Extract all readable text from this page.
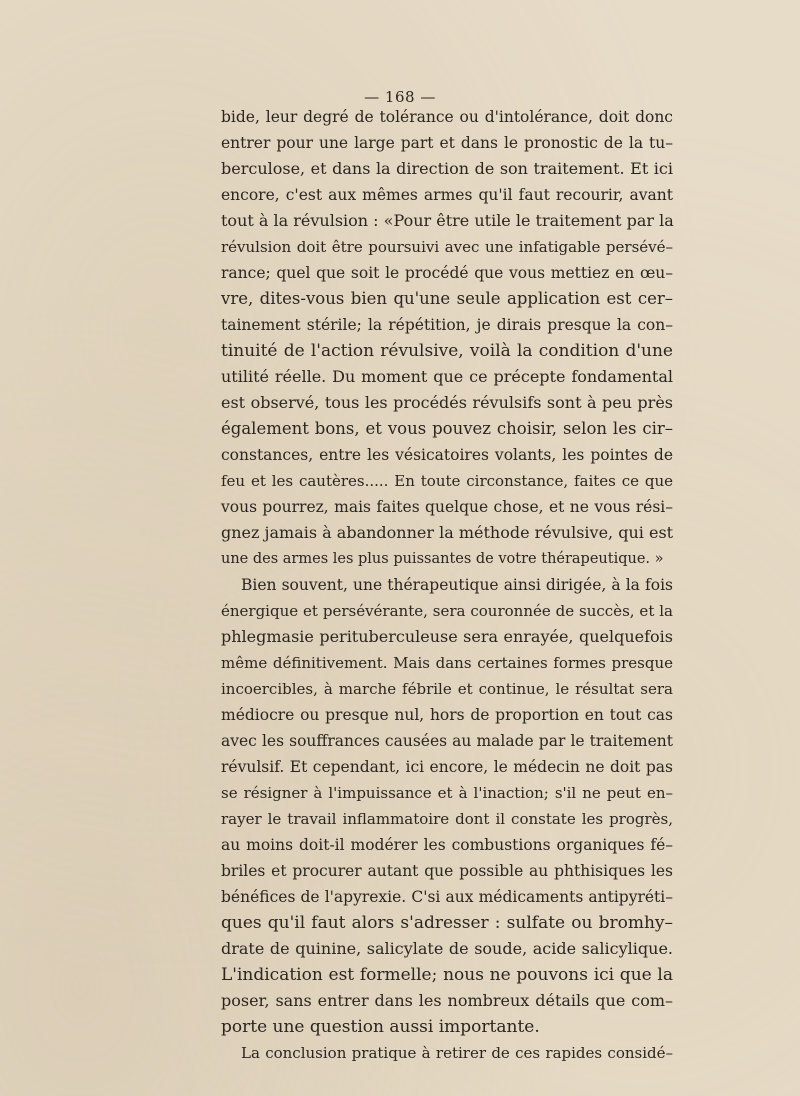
— 168 —
bide, leur degré de tolérance ou d'intolérance, doit donc
entrer pour une large part et dans le pronostic de la tu–
berculose, et dans la direction de son traitement. Et ici
encore, c'est aux mêmes armes qu'il faut recourir, avant
tout à la révulsion : «Pour être utile le traitement par la
révulsion doit être poursuivi avec une infatigable persévé–
rance; quel que soit le procédé que vous mettiez en œu–
vre, dites-vous bien qu'une seule application est cer–
tainement stérile; la répétition, je dirais presque la con–
tinuité de l'action révulsive, voilà la condition d'une
utilité réelle. Du moment que ce précepte fondamental
est observé, tous les procédés révulsifs sont à peu près
également bons, et vous pouvez choisir, selon les cir–
constances, entre les vésicatoires volants, les pointes de
feu et les cautères..... En toute circonstance, faites ce que
vous pourrez, mais faites quelque chose, et ne vous rési–
gnez jamais à abandonner la méthode révulsive, qui est
une des armes les plus puissantes de votre thérapeutique. »
Bien souvent, une thérapeutique ainsi dirigée, à la fois
énergique et persévérante, sera couronnée de succès, et la
phlegmasie perituberculeuse sera enrayée, quelquefois
même définitivement. Mais dans certaines formes presque
incoercibles, à marche fébrile et continue, le résultat sera
médiocre ou presque nul, hors de proportion en tout cas
avec les souffrances causées au malade par le traitement
révulsif. Et cependant, ici encore, le médecin ne doit pas
se résigner à l'impuissance et à l'inaction; s'il ne peut en–
rayer le travail inflammatoire dont il constate les progrès,
au moins doit-il modérer les combustions organiques fé–
briles et procurer autant que possible au phthisiques les
bénéfices de l'apyrexie. C'si aux médicaments antipyréti–
ques qu'il faut alors s'adresser : sulfate ou bromhy–
drate de quinine, salicylate de soude, acide salicylique.
L'indication est formelle; nous ne pouvons ici que la
poser, sans entrer dans les nombreux détails que com–
porte une question aussi importante.
La conclusion pratique à retirer de ces rapides considé–
